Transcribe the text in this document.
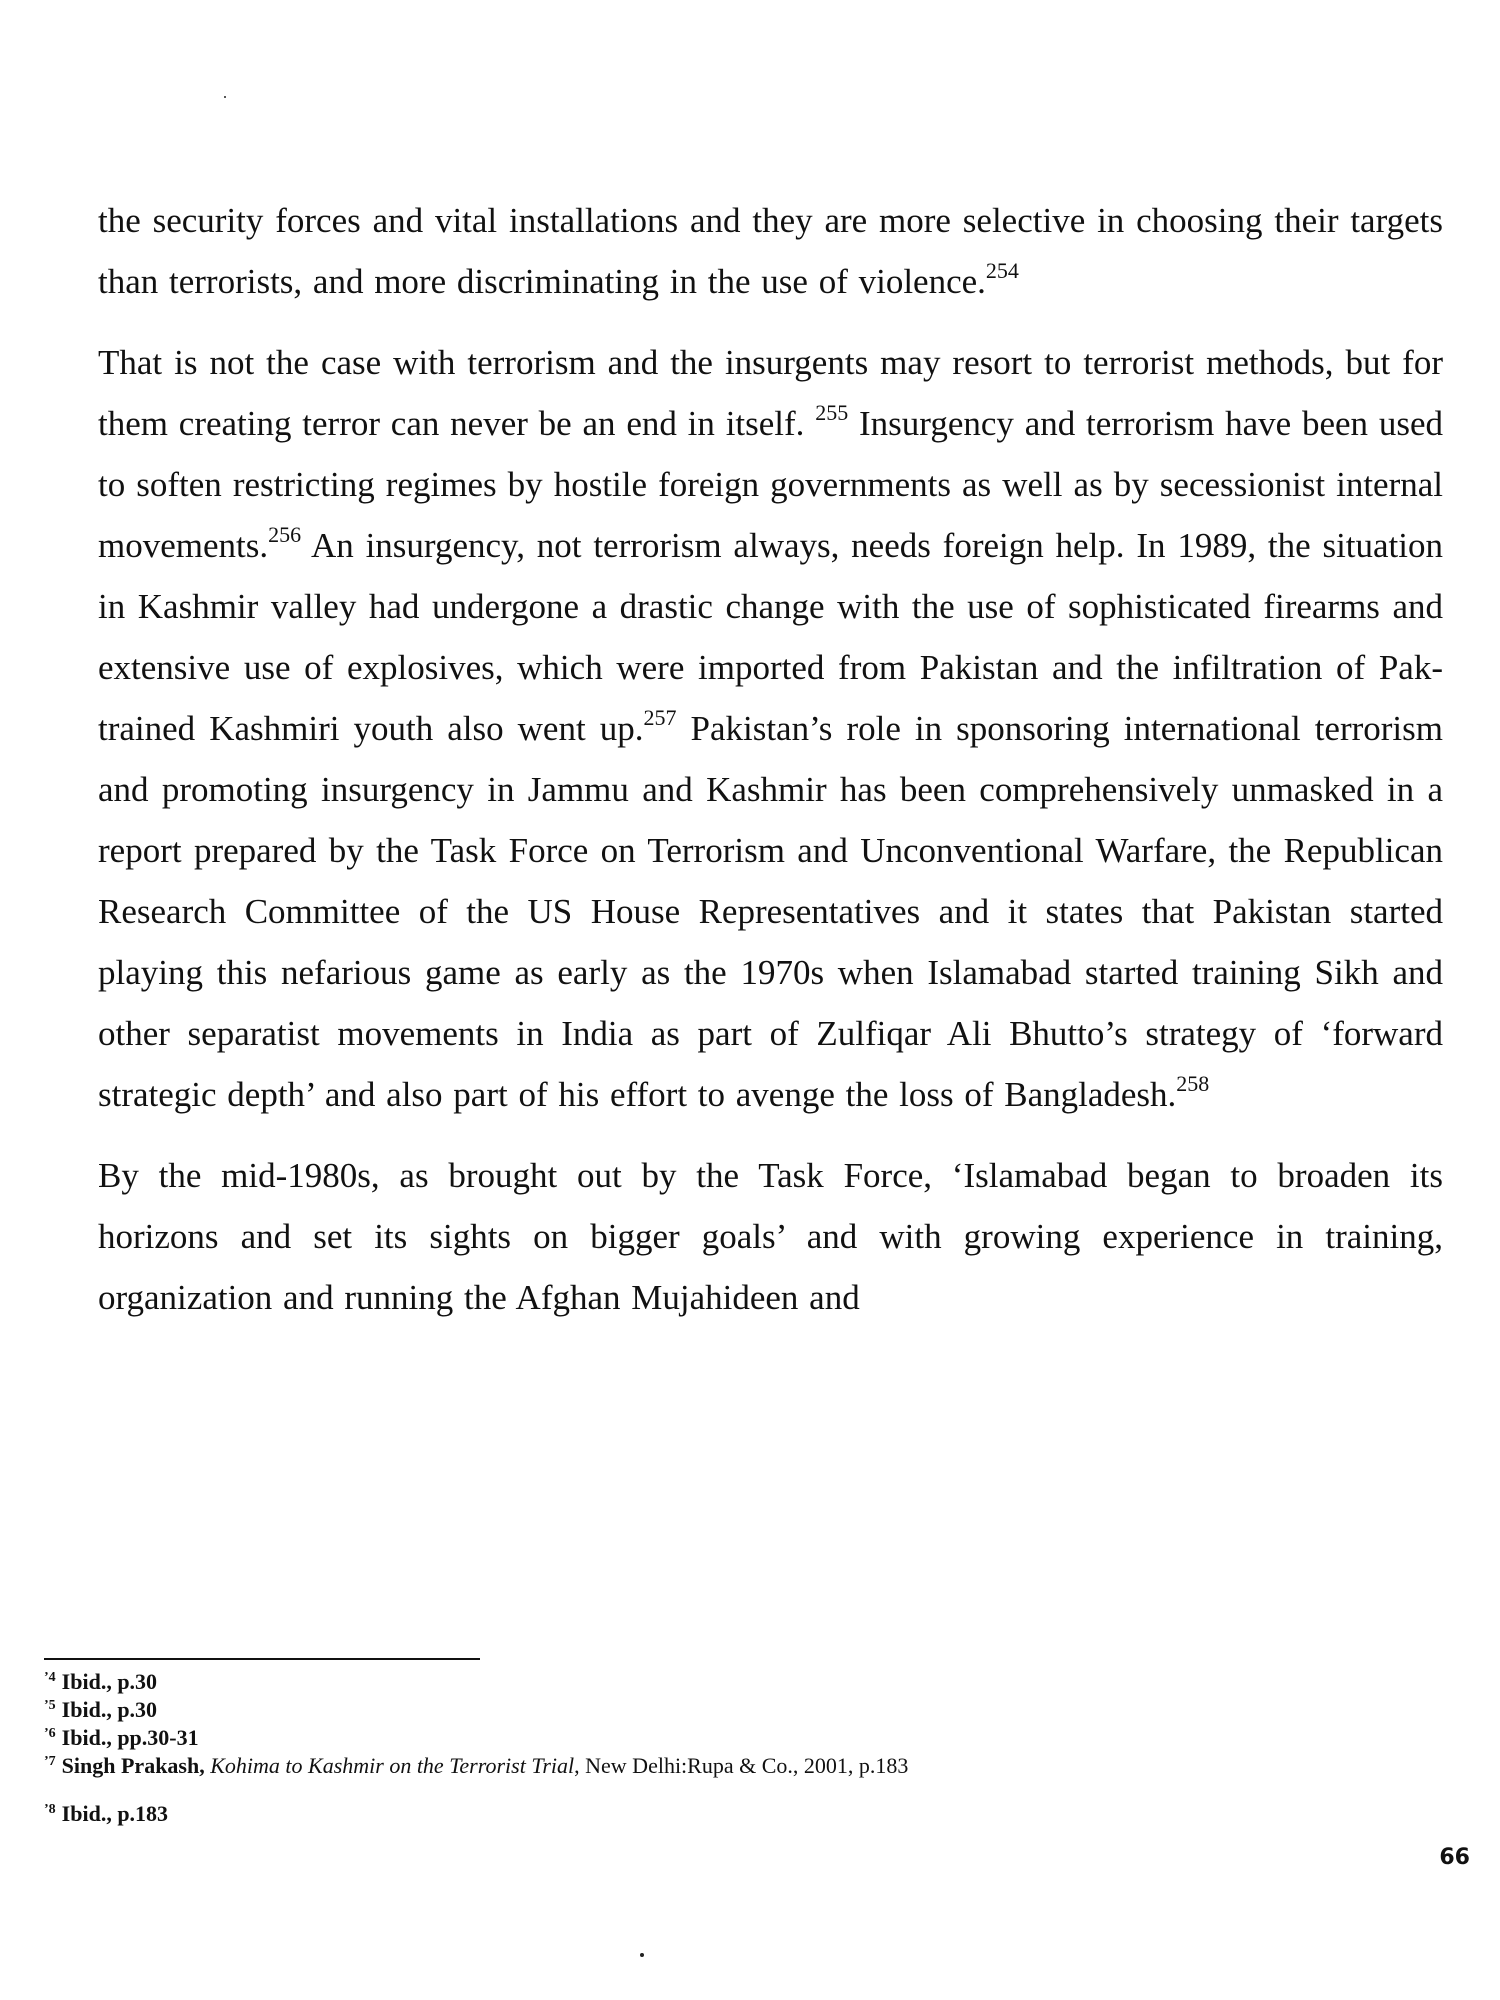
the security forces and vital installations and they are more selective in choosing their targets than terrorists, and more discriminating in the use of violence.$^{254}$

That is not the case with terrorism and the insurgents may resort to terrorist methods, but for them creating terror can never be an end in itself. $^{255}$ Insurgency and terrorism have been used to soften restricting regimes by hostile foreign governments as well as by secessionist internal movements.$^{256}$ An insurgency, not terrorism always, needs foreign help. In 1989, the situation in Kashmir valley had undergone a drastic change with the use of sophisticated firearms and extensive use of explosives, which were imported from Pakistan and the infiltration of Pak-trained Kashmiri youth also went up.$^{257}$ Pakistan’s role in sponsoring international terrorism and promoting insurgency in Jammu and Kashmir has been comprehensively unmasked in a report prepared by the Task Force on Terrorism and Unconventional Warfare, the Republican Research Committee of the US House Representatives and it states that Pakistan started playing this nefarious game as early as the 1970s when Islamabad started training Sikh and other separatist movements in India as part of Zulfiqar Ali Bhutto’s strategy of ‘forward strategic depth’ and also part of his effort to avenge the loss of Bangladesh.$^{258}$

By the mid-1980s, as brought out by the Task Force, ‘Islamabad began to broaden its horizons and set its sights on bigger goals’ and with growing experience in training, organization and running the Afghan Mujahideen and

$^{ʼ4}$ Ibid., p.30

$^{ʼ5}$ Ibid., p.30

$^{ʼ6}$ Ibid., pp.30-31

$^{ʼ7}$ Singh Prakash, Kohima to Kashmir on the Terrorist Trial, New Delhi:Rupa & Co., 2001, p.183

$^{ʼ8}$ Ibid., p.183

66
